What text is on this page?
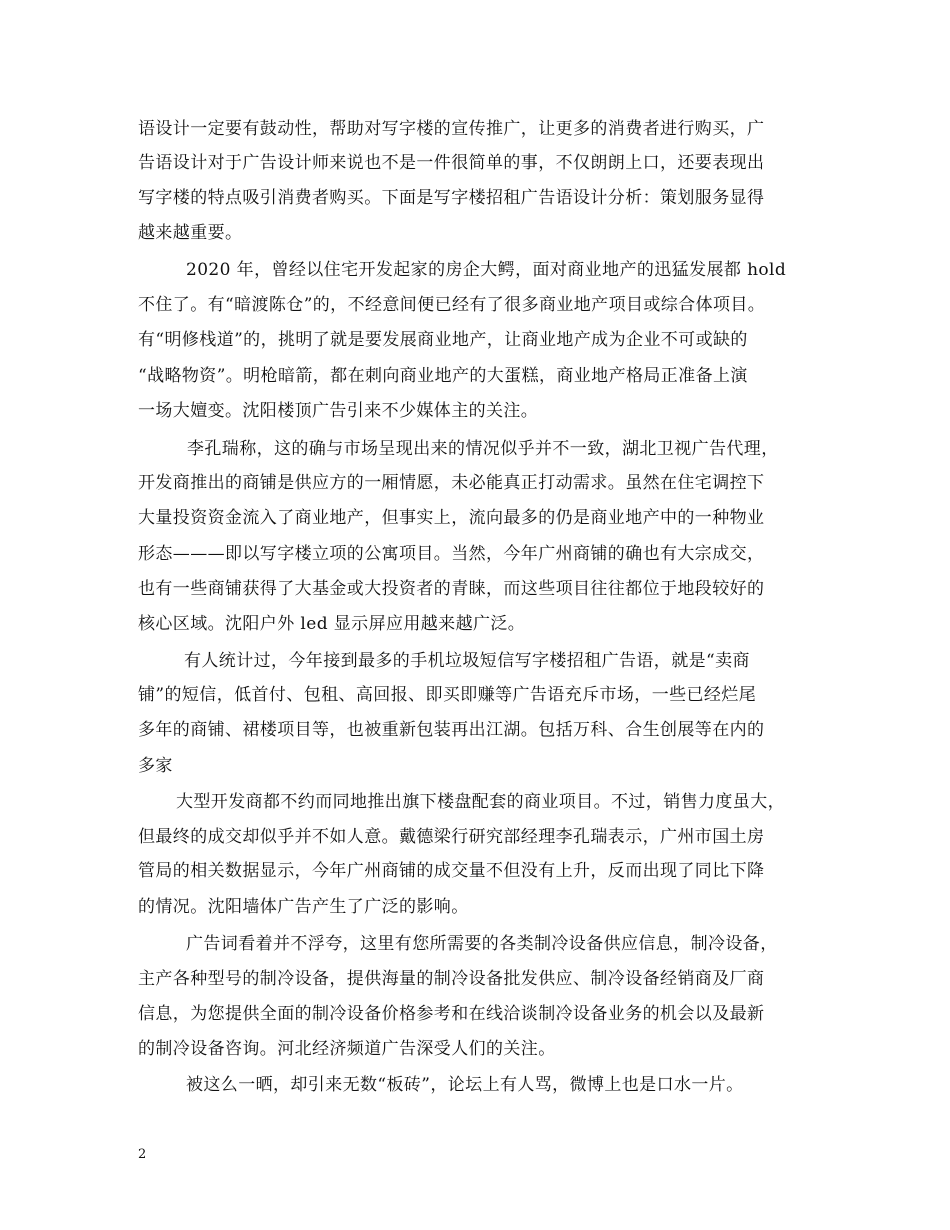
语设计一定要有鼓动性，帮助对写字楼的宣传推广，让更多的消费者进行购买，广
告语设计对于广告设计师来说也不是一件很简单的事，不仅朗朗上口，还要表现出
写字楼的特点吸引消费者购买。下面是写字楼招租广告语设计分析：策划服务显得
越来越重要。
2020 年，曾经以住宅开发起家的房企大鳄，面对商业地产的迅猛发展都 hold
不住了。有“暗渡陈仓”的，不经意间便已经有了很多商业地产项目或综合体项目。
有“明修栈道”的，挑明了就是要发展商业地产，让商业地产成为企业不可或缺的
“战略物资”。明枪暗箭，都在刺向商业地产的大蛋糕，商业地产格局正准备上演
一场大嬗变。沈阳楼顶广告引来不少媒体主的关注。
李孔瑞称，这的确与市场呈现出来的情况似乎并不一致，湖北卫视广告代理，
开发商推出的商铺是供应方的一厢情愿，未必能真正打动需求。虽然在住宅调控下
大量投资资金流入了商业地产，但事实上，流向最多的仍是商业地产中的一种物业
形态———即以写字楼立项的公寓项目。当然，今年广州商铺的确也有大宗成交，
也有一些商铺获得了大基金或大投资者的青睐，而这些项目往往都位于地段较好的
核心区域。沈阳户外 led 显示屏应用越来越广泛。
有人统计过，今年接到最多的手机垃圾短信写字楼招租广告语，就是“卖商
铺”的短信，低首付、包租、高回报、即买即赚等广告语充斥市场，一些已经烂尾
多年的商铺、裙楼项目等，也被重新包装再出江湖。包括万科、合生创展等在内的
多家
大型开发商都不约而同地推出旗下楼盘配套的商业项目。不过，销售力度虽大，
但最终的成交却似乎并不如人意。戴德梁行研究部经理李孔瑞表示，广州市国土房
管局的相关数据显示，今年广州商铺的成交量不但没有上升，反而出现了同比下降
的情况。沈阳墙体广告产生了广泛的影响。
广告词看着并不浮夸，这里有您所需要的各类制冷设备供应信息，制冷设备，
主产各种型号的制冷设备，提供海量的制冷设备批发供应、制冷设备经销商及厂商
信息，为您提供全面的制冷设备价格参考和在线洽谈制冷设备业务的机会以及最新
的制冷设备咨询。河北经济频道广告深受人们的关注。
被这么一晒，却引来无数“板砖”，论坛上有人骂，微博上也是口水一片。
2
